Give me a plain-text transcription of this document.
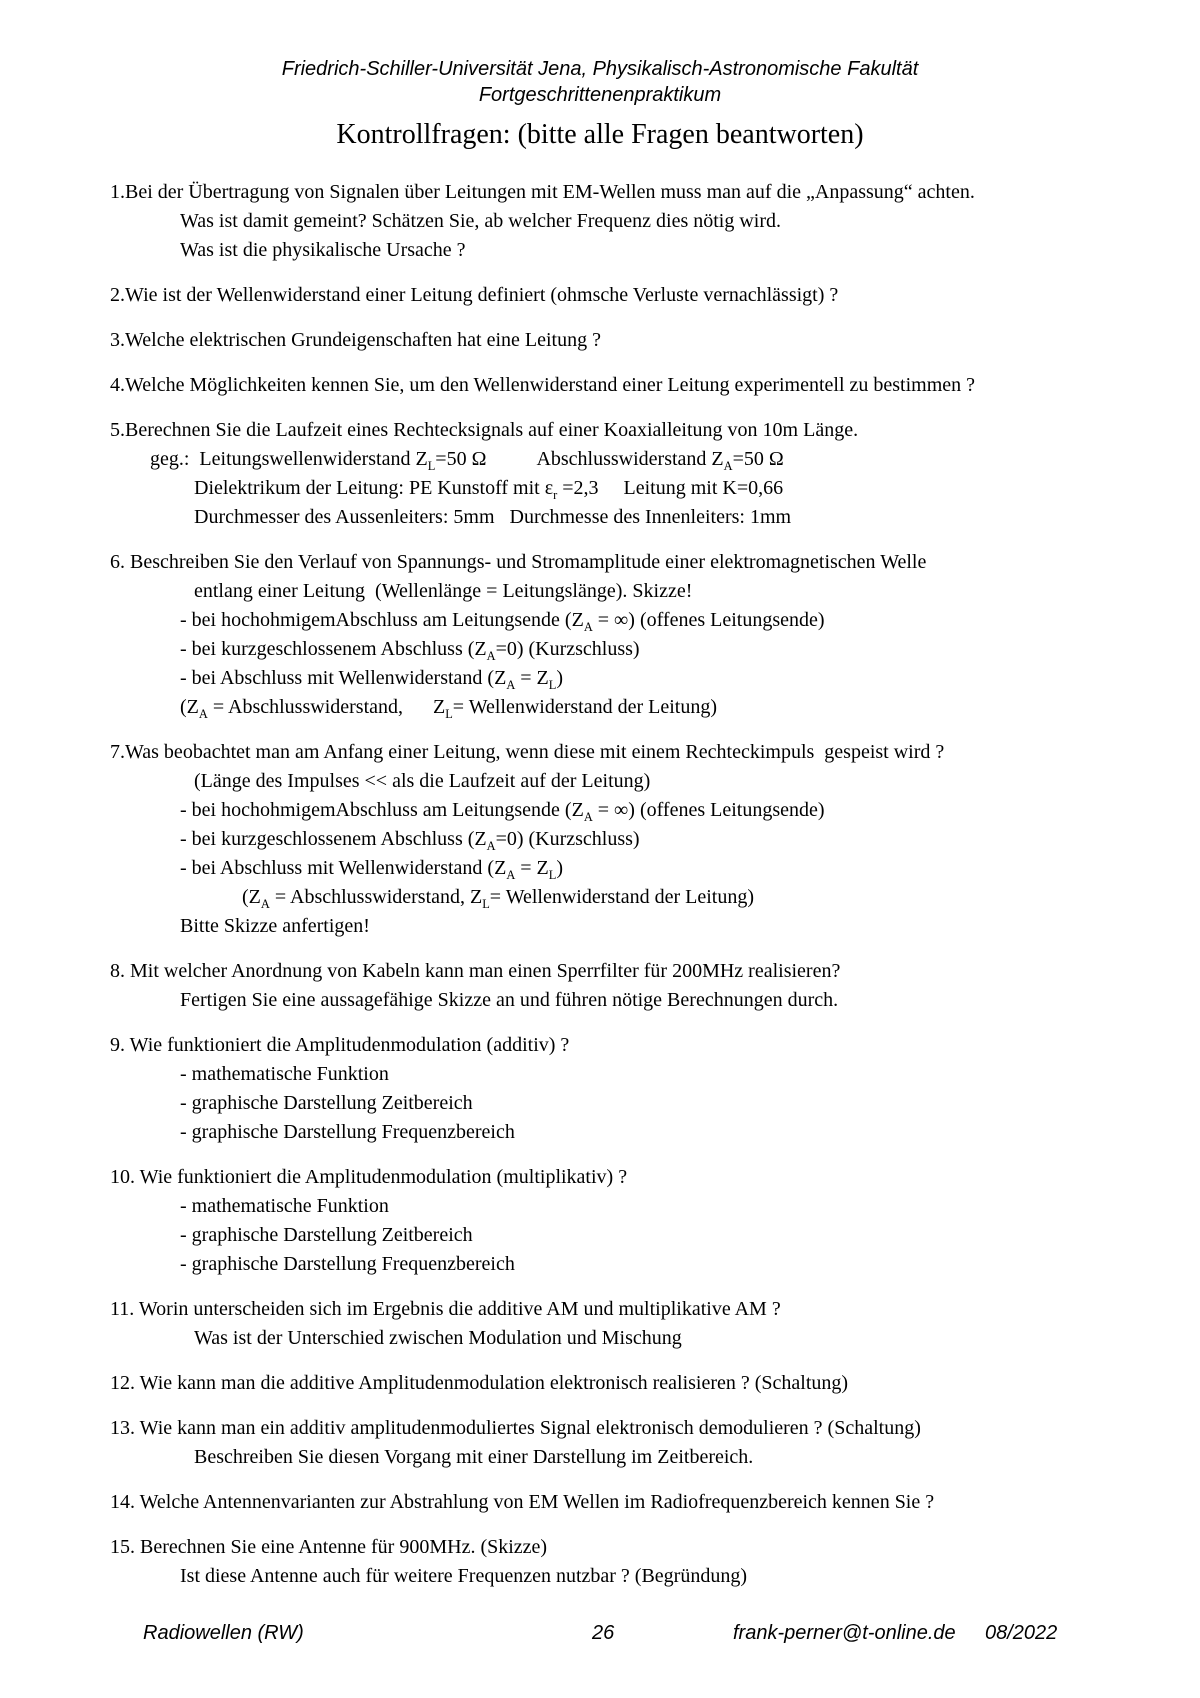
Friedrich-Schiller-Universität Jena, Physikalisch-Astronomische Fakultät
Fortgeschrittenenpraktikum
Kontrollfragen: (bitte alle Fragen beantworten)
1.Bei der Übertragung von Signalen über Leitungen mit EM-Wellen muss man auf die „Anpassung“ achten.
Was ist damit gemeint? Schätzen Sie, ab welcher Frequenz dies nötig wird.
Was ist die physikalische Ursache ?
2.Wie ist der Wellenwiderstand einer Leitung definiert (ohmsche Verluste vernachlässigt) ?
3.Welche elektrischen Grundeigenschaften hat eine Leitung ?
4.Welche Möglichkeiten kennen Sie, um den Wellenwiderstand einer Leitung experimentell zu bestimmen ?
5.Berechnen Sie die Laufzeit eines Rechtecksignals auf einer Koaxialleitung von 10m Länge.
geg.:  Leitungswellenwiderstand $Z_L=50$ Ω          Abschlusswiderstand $Z_A=50$ Ω
Dielektrikum der Leitung: PE Kunstoff mit $\varepsilon_r =2,3$     Leitung mit K=0,66
Durchmesser des Aussenleiters: 5mm   Durchmesse des Innenleiters: 1mm
6. Beschreiben Sie den Verlauf von Spannungs- und Stromamplitude einer elektromagnetischen Welle
entlang einer Leitung  (Wellenlänge = Leitungslänge). Skizze!
- bei hochohmigemAbschluss am Leitungsende ($Z_A$ = ∞) (offenes Leitungsende)
- bei kurzgeschlossenem Abschluss $(Z_A=0)$ (Kurzschluss)
- bei Abschluss mit Wellenwiderstand $(Z_A = Z_L)$
($Z_A$ = Abschlusswiderstand,      $Z_L=$ Wellenwiderstand der Leitung)
7.Was beobachtet man am Anfang einer Leitung, wenn diese mit einem Rechteckimpuls  gespeist wird ?
(Länge des Impulses << als die Laufzeit auf der Leitung)
- bei hochohmigemAbschluss am Leitungsende ($Z_A$ = ∞) (offenes Leitungsende)
- bei kurzgeschlossenem Abschluss $(Z_A=0)$ (Kurzschluss)
- bei Abschluss mit Wellenwiderstand $(Z_A = Z_L)$
($Z_A$ = Abschlusswiderstand, $Z_L=$ Wellenwiderstand der Leitung)
Bitte Skizze anfertigen!
8. Mit welcher Anordnung von Kabeln kann man einen Sperrfilter für 200MHz realisieren?
Fertigen Sie eine aussagefähige Skizze an und führen nötige Berechnungen durch.
9. Wie funktioniert die Amplitudenmodulation (additiv) ?
- mathematische Funktion
- graphische Darstellung Zeitbereich
- graphische Darstellung Frequenzbereich
10. Wie funktioniert die Amplitudenmodulation (multiplikativ) ?
- mathematische Funktion
- graphische Darstellung Zeitbereich
- graphische Darstellung Frequenzbereich
11. Worin unterscheiden sich im Ergebnis die additive AM und multiplikative AM ?
Was ist der Unterschied zwischen Modulation und Mischung
12. Wie kann man die additive Amplitudenmodulation elektronisch realisieren ? (Schaltung)
13. Wie kann man ein additiv amplitudenmoduliertes Signal elektronisch demodulieren ? (Schaltung)
Beschreiben Sie diesen Vorgang mit einer Darstellung im Zeitbereich.
14. Welche Antennenvarianten zur Abstrahlung von EM Wellen im Radiofrequenzbereich kennen Sie ?
15. Berechnen Sie eine Antenne für 900MHz. (Skizze)
Ist diese Antenne auch für weitere Frequenzen nutzbar ? (Begründung)
Radiowellen (RW)	26	frank-perner@t-online.de 08/2022
